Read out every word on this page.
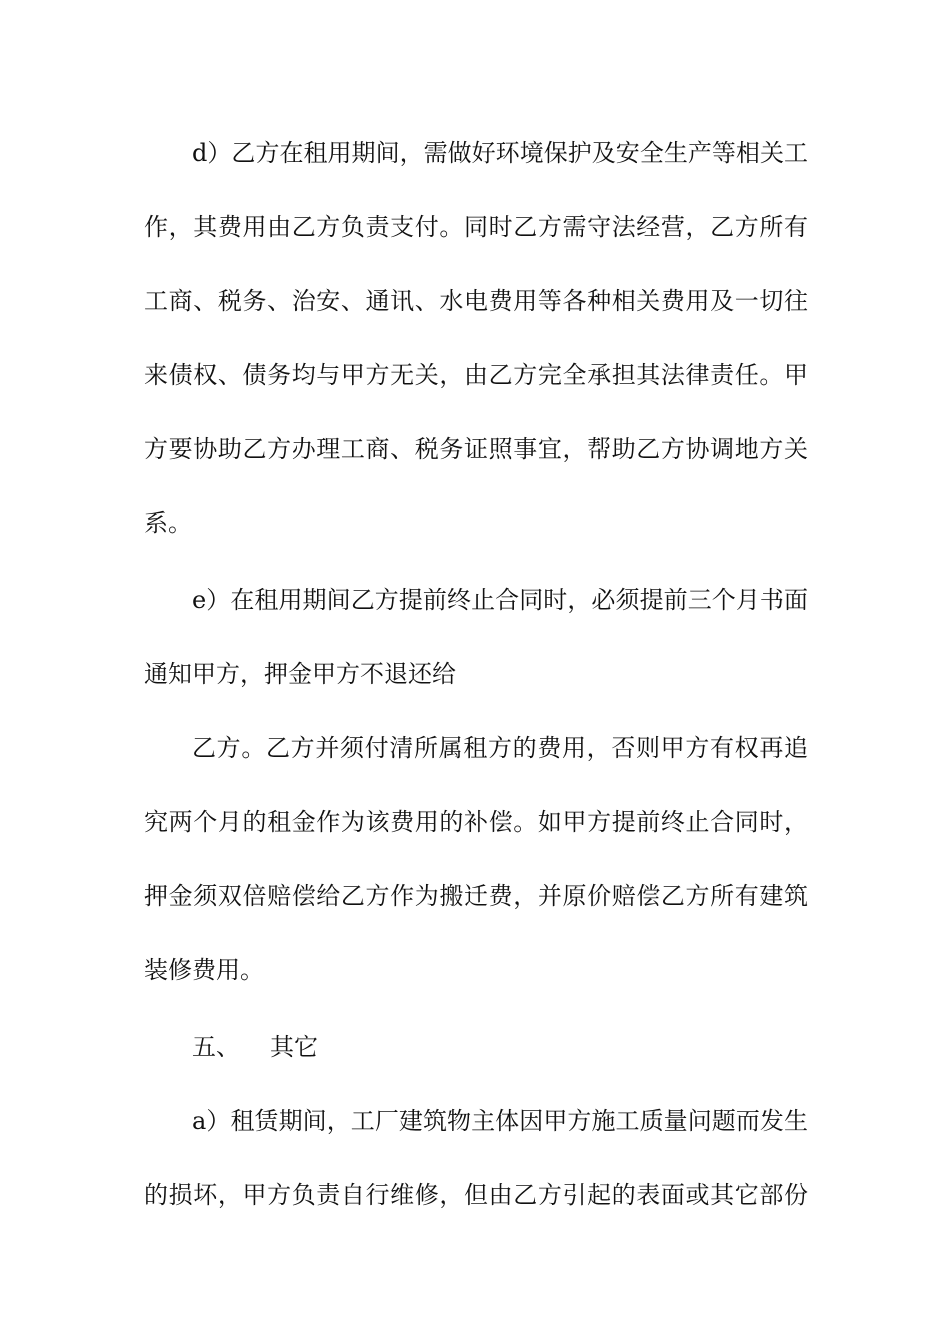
d）乙方在租用期间，需做好环境保护及安全生产等相关工
作，其费用由乙方负责支付。同时乙方需守法经营，乙方所有
工商、税务、治安、通讯、水电费用等各种相关费用及一切往
来债权、债务均与甲方无关，由乙方完全承担其法律责任。甲
方要协助乙方办理工商、税务证照事宜，帮助乙方协调地方关
系。
e）在租用期间乙方提前终止合同时，必须提前三个月书面
通知甲方，押金甲方不退还给
乙方。乙方并须付清所属租方的费用，否则甲方有权再追
究两个月的租金作为该费用的补偿。如甲方提前终止合同时，
押金须双倍赔偿给乙方作为搬迁费，并原价赔偿乙方所有建筑
装修费用。
五、 其它
a）租赁期间，工厂建筑物主体因甲方施工质量问题而发生
的损坏，甲方负责自行维修，但由乙方引起的表面或其它部份
